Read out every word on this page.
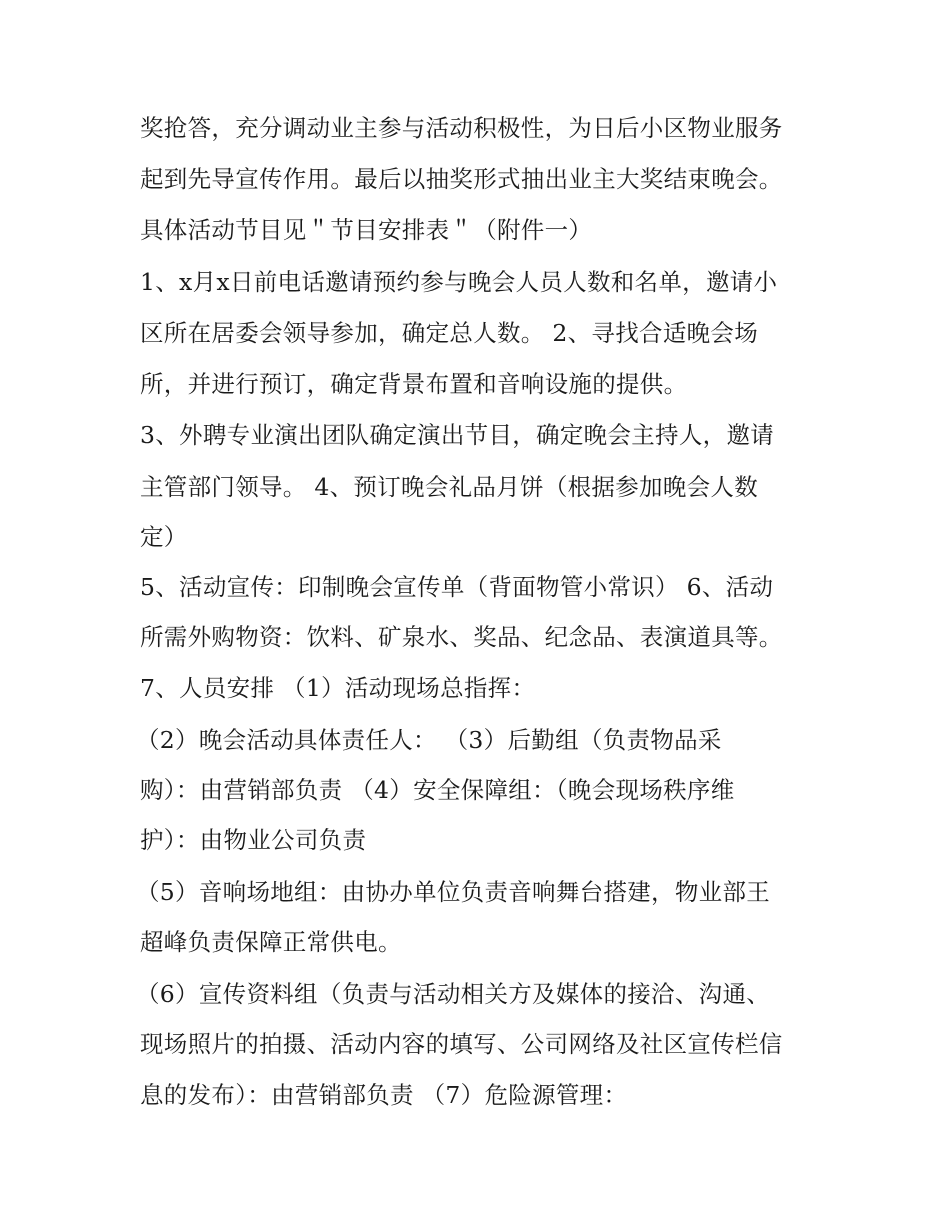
奖抢答，充分调动业主参与活动积极性，为日后小区物业服务
起到先导宣传作用。最后以抽奖形式抽出业主大奖结束晚会。
具体活动节目见＂节目安排表＂（附件一）
1、x月x日前电话邀请预约参与晚会人员人数和名单，邀请小
区所在居委会领导参加，确定总人数。 2、寻找合适晚会场
所，并进行预订，确定背景布置和音响设施的提供。
3、外聘专业演出团队确定演出节目，确定晚会主持人，邀请
主管部门领导。 4、预订晚会礼品月饼（根据参加晚会人数
定）
5、活动宣传：印制晚会宣传单（背面物管小常识） 6、活动
所需外购物资：饮料、矿泉水、奖品、纪念品、表演道具等。
7、人员安排 （1）活动现场总指挥：
（2）晚会活动具体责任人： （3）后勤组（负责物品采
购）：由营销部负责 （4）安全保障组：（晚会现场秩序维
护）：由物业公司负责
（5）音响场地组：由协办单位负责音响舞台搭建，物业部王
超峰负责保障正常供电。
（6）宣传资料组（负责与活动相关方及媒体的接洽、沟通、
现场照片的拍摄、活动内容的填写、公司网络及社区宣传栏信
息的发布）：由营销部负责 （7）危险源管理：
